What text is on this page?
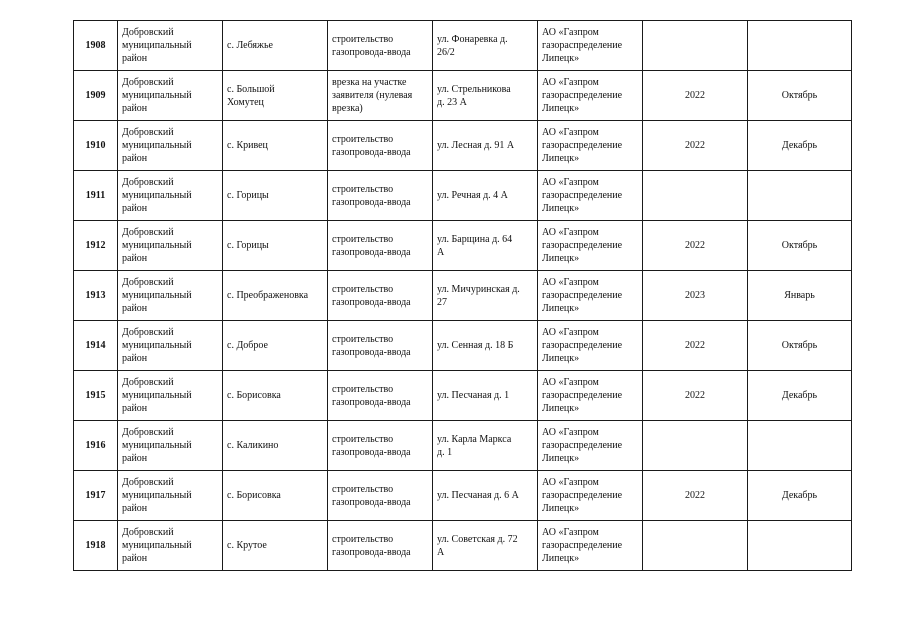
1908	Добровский
муниципальный
район	с. Лебяжье	строительство
газопровода-ввода	ул. Фонаревка д.
26/2	АО «Газпром
газораспределение
Липецк»		

1909	Добровский
муниципальный
район	с. Большой
Хомутец	врезка на участке
заявителя (нулевая
врезка)	ул. Стрельникова
д. 23 А	АО «Газпром
газораспределение
Липецк»	2022	Октябрь

1910	Добровский
муниципальный
район	с. Кривец	строительство
газопровода-ввода	ул. Лесная д. 91 А	АО «Газпром
газораспределение
Липецк»	2022	Декабрь

1911	Добровский
муниципальный
район	с. Горицы	строительство
газопровода-ввода	ул. Речная д. 4 А	АО «Газпром
газораспределение
Липецк»		

1912	Добровский
муниципальный
район	с. Горицы	строительство
газопровода-ввода	ул. Барщина д. 64
А	АО «Газпром
газораспределение
Липецк»	2022	Октябрь

1913	Добровский
муниципальный
район	с. Преображеновка	строительство
газопровода-ввода	ул. Мичуринская д.
27	АО «Газпром
газораспределение
Липецк»	2023	Январь

1914	Добровский
муниципальный
район	с. Доброе	строительство
газопровода-ввода	ул. Сенная д. 18 Б	АО «Газпром
газораспределение
Липецк»	2022	Октябрь

1915	Добровский
муниципальный
район	с. Борисовка	строительство
газопровода-ввода	ул. Песчаная д. 1	АО «Газпром
газораспределение
Липецк»	2022	Декабрь

1916	Добровский
муниципальный
район	с. Каликино	строительство
газопровода-ввода	ул. Карла Маркса
д. 1	АО «Газпром
газораспределение
Липецк»		

1917	Добровский
муниципальный
район	с. Борисовка	строительство
газопровода-ввода	ул. Песчаная д. 6 А	АО «Газпром
газораспределение
Липецк»	2022	Декабрь

1918	Добровский
муниципальный
район	с. Крутое	строительство
газопровода-ввода	ул. Советская д. 72
А	АО «Газпром
газораспределение
Липецк»		
